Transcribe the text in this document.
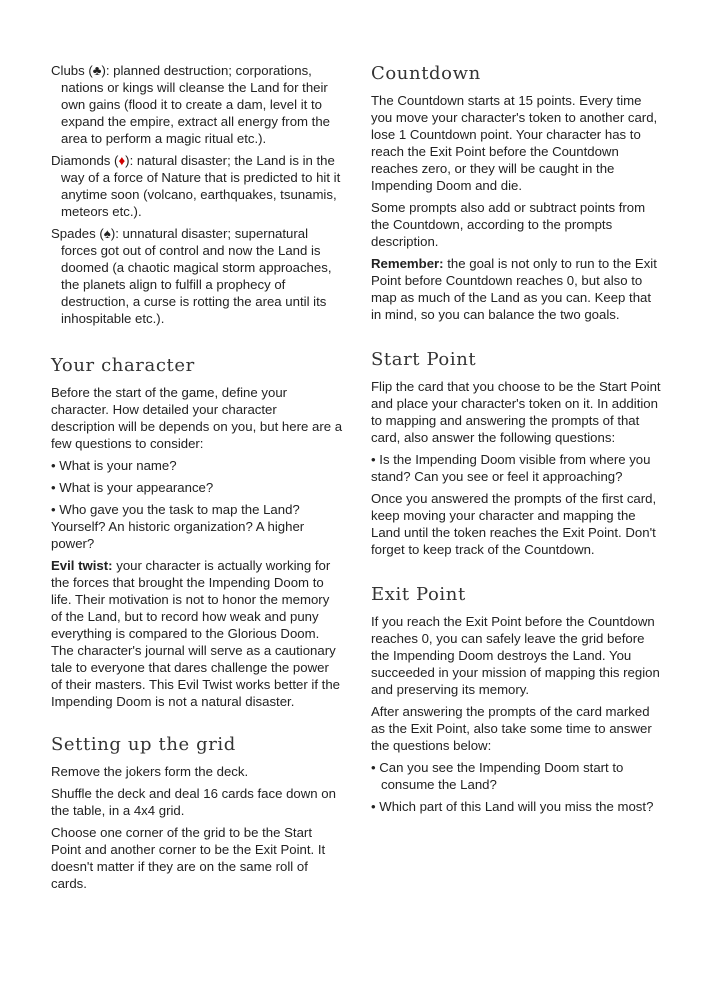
Clubs (♣): planned destruction; corporations, nations or kings will cleanse the Land for their own gains (flood it to create a dam, level it to expand the empire, extract all energy from the area to perform a magic ritual etc.).

Diamonds (♦): natural disaster; the Land is in the way of a force of Nature that is predicted to hit it anytime soon (volcano, earthquakes, tsunamis, meteors etc.).

Spades (♠): unnatural disaster; supernatural forces got out of control and now the Land is doomed (a chaotic magical storm approaches, the planets align to fulfill a prophecy of destruction, a curse is rotting the area until its inhospitable etc.).

Your character

Before the start of the game, define your character. How detailed your character description will be depends on you, but here are a few questions to consider:

• What is your name?

• What is your appearance?

• Who gave you the task to map the Land? Yourself? An historic organization? A higher power?

Evil twist: your character is actually working for the forces that brought the Impending Doom to life. Their motivation is not to honor the memory of the Land, but to record how weak and puny everything is compared to the Glorious Doom. The character's journal will serve as a cautionary tale to everyone that dares challenge the power of their masters. This Evil Twist works better if the Impending Doom is not a natural disaster.

Setting up the grid

Remove the jokers form the deck.

Shuffle the deck and deal 16 cards face down on the table, in a 4x4 grid.

Choose one corner of the grid to be the Start Point and another corner to be the Exit Point. It doesn't matter if they are on the same roll of cards.

Countdown

The Countdown starts at 15 points. Every time you move your character's token to another card, lose 1 Countdown point. Your character has to reach the Exit Point before the Countdown reaches zero, or they will be caught in the Impending Doom and die.

Some prompts also add or subtract points from the Countdown, according to the prompts description.

Remember: the goal is not only to run to the Exit Point before Countdown reaches 0, but also to map as much of the Land as you can. Keep that in mind, so you can balance the two goals.

Start Point

Flip the card that you choose to be the Start Point and place your character's token on it. In addition to mapping and answering the prompts of that card, also answer the following questions:

• Is the Impending Doom visible from where you stand? Can you see or feel it approaching?

Once you answered the prompts of the first card, keep moving your character and mapping the Land until the token reaches the Exit Point. Don't forget to keep track of the Countdown.

Exit Point

If you reach the Exit Point before the Countdown reaches 0, you can safely leave the grid before the Impending Doom destroys the Land. You succeeded in your mission of mapping this region and preserving its memory.

After answering the prompts of the card marked as the Exit Point, also take some time to answer the questions below:

• Can you see the Impending Doom start to consume the Land?

• Which part of this Land will you miss the most?
